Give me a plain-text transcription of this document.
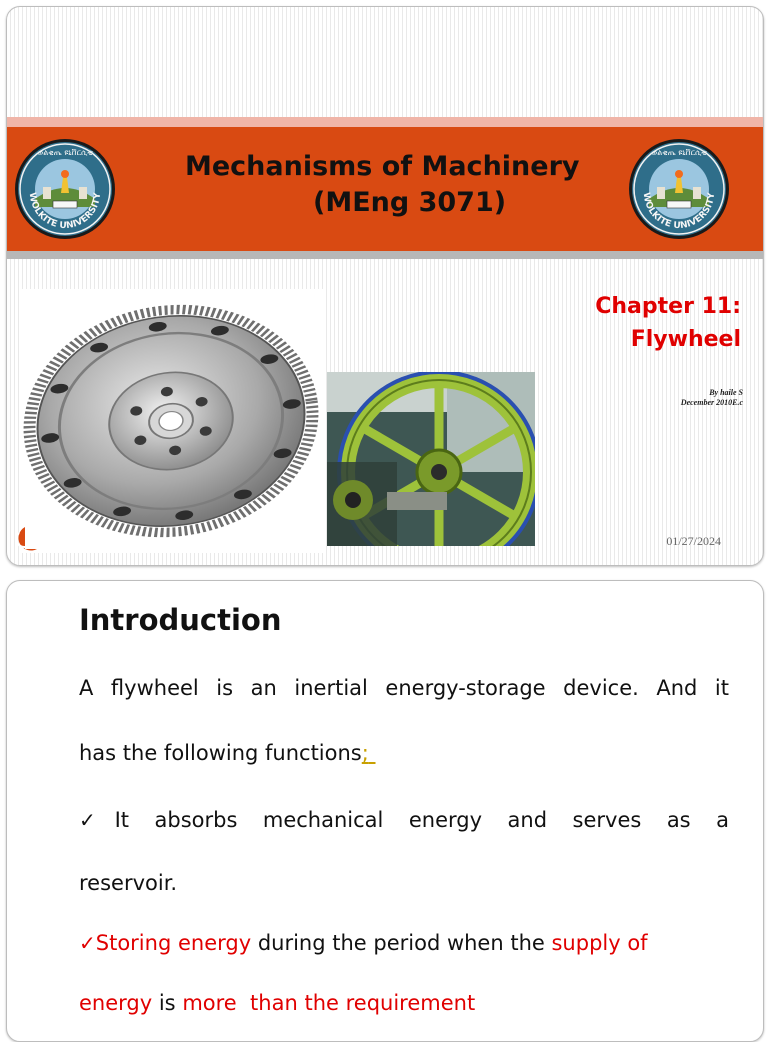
WOLKITE UNIVERSITY
ወልቂጤ ዩኒቨርሲቲ	Mechanisms of Machinery
(MEng 3071)	WOLKITE UNIVERSITY
ወልቂጤ ዩኒቨርሲቲ
Chapter 11:
Flywheel
By haile S
December 2010E.c
01/27/2024
Introduction
A flywheel is an inertial energy-storage device. And it
has the following functions;
✓It absorbs mechanical energy and serves as a
reservoir.
✓Storing energy during the period when the supply of
energy is more  than the requirement
